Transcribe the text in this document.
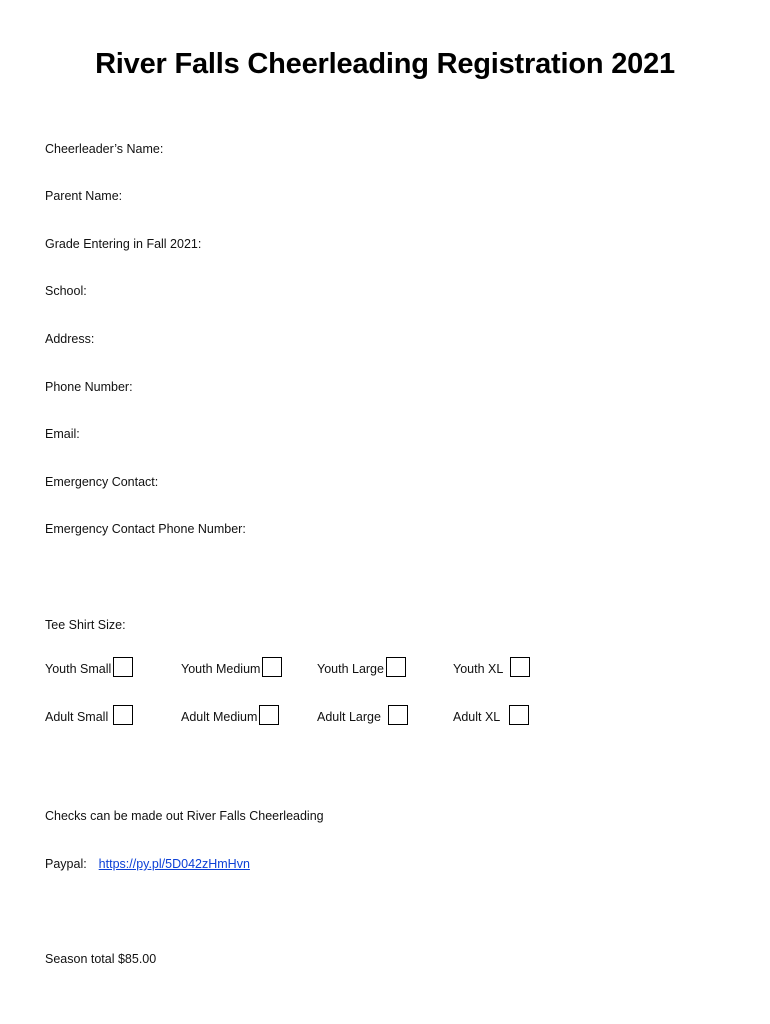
River Falls Cheerleading Registration 2021
Cheerleader’s Name:
Parent Name:
Grade Entering in Fall 2021:
School:
Address:
Phone Number:
Email:
Emergency Contact:
Emergency Contact Phone Number:
Tee Shirt Size:
Youth Small	Youth Medium	Youth Large	Youth XL
Adult Small	Adult Medium	Adult Large	Adult XL
Checks can be made out River Falls Cheerleading
Paypal: https://py.pl/5D042zHmHvn
Season total $85.00
